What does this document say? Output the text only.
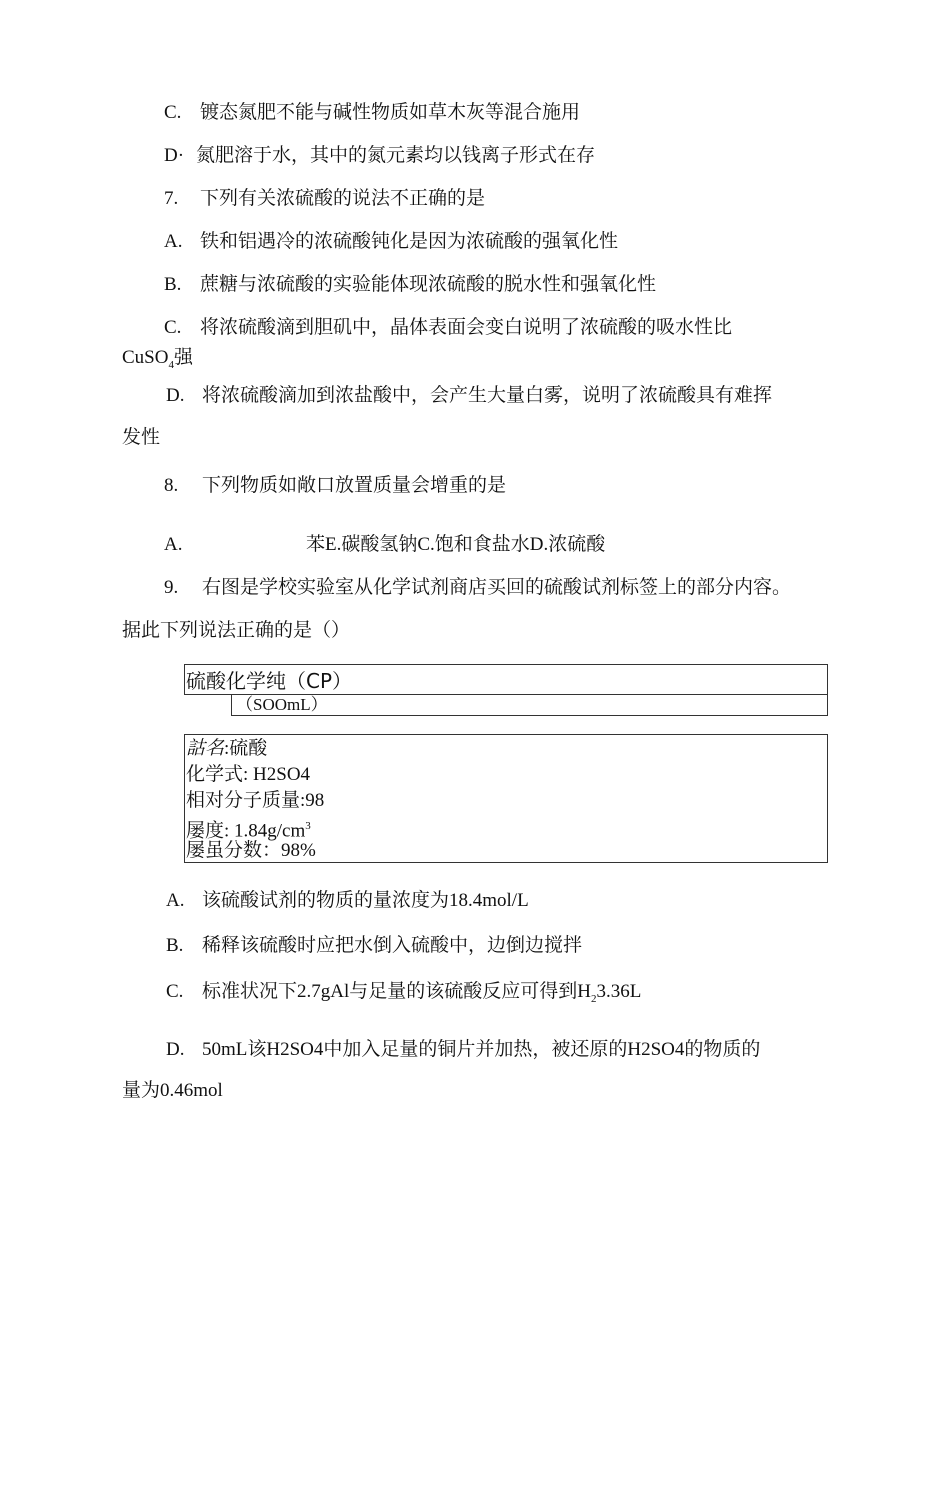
C. 镀态氮肥不能与碱性物质如草木灰等混合施用
D· 氮肥溶于水，其中的氮元素均以钱离子形式在存
7. 下列有关浓硫酸的说法不正确的是
A. 铁和铝遇冷的浓硫酸钝化是因为浓硫酸的强氧化性
B. 蔗糖与浓硫酸的实验能体现浓硫酸的脱水性和强氧化性
C. 将浓硫酸滴到胆矶中，晶体表面会变白说明了浓硫酸的吸水性比
CuSO$_4$强
D. 将浓硫酸滴加到浓盐酸中，会产生大量白雾，说明了浓硫酸具有难挥
发性
8. 下列物质如敞口放置质量会增重的是
A.	苯E.碳酸氢钠C.饱和食盐水D.浓硫酸
9. 右图是学校实验室从化学试剂商店买回的硫酸试剂标签上的部分内容。
据此下列说法正确的是（）
硫酸化学纯（CP）
（SOOmL）
詁名:硫酸
化学式: H2SO4
相对分子质量:98
屡度: $1.84g/cm^3$
屡虽分数：98%
A. 该硫酸试剂的物质的量浓度为18.4mol/L
B. 稀释该硫酸时应把水倒入硫酸中，边倒边搅拌
C. 标准状况下2.7gAl与足量的该硫酸反应可得到$H_23.36L$
D. 50mL该H2SO4中加入足量的铜片并加热，被还原的H2SO4的物质的
量为0.46mol
